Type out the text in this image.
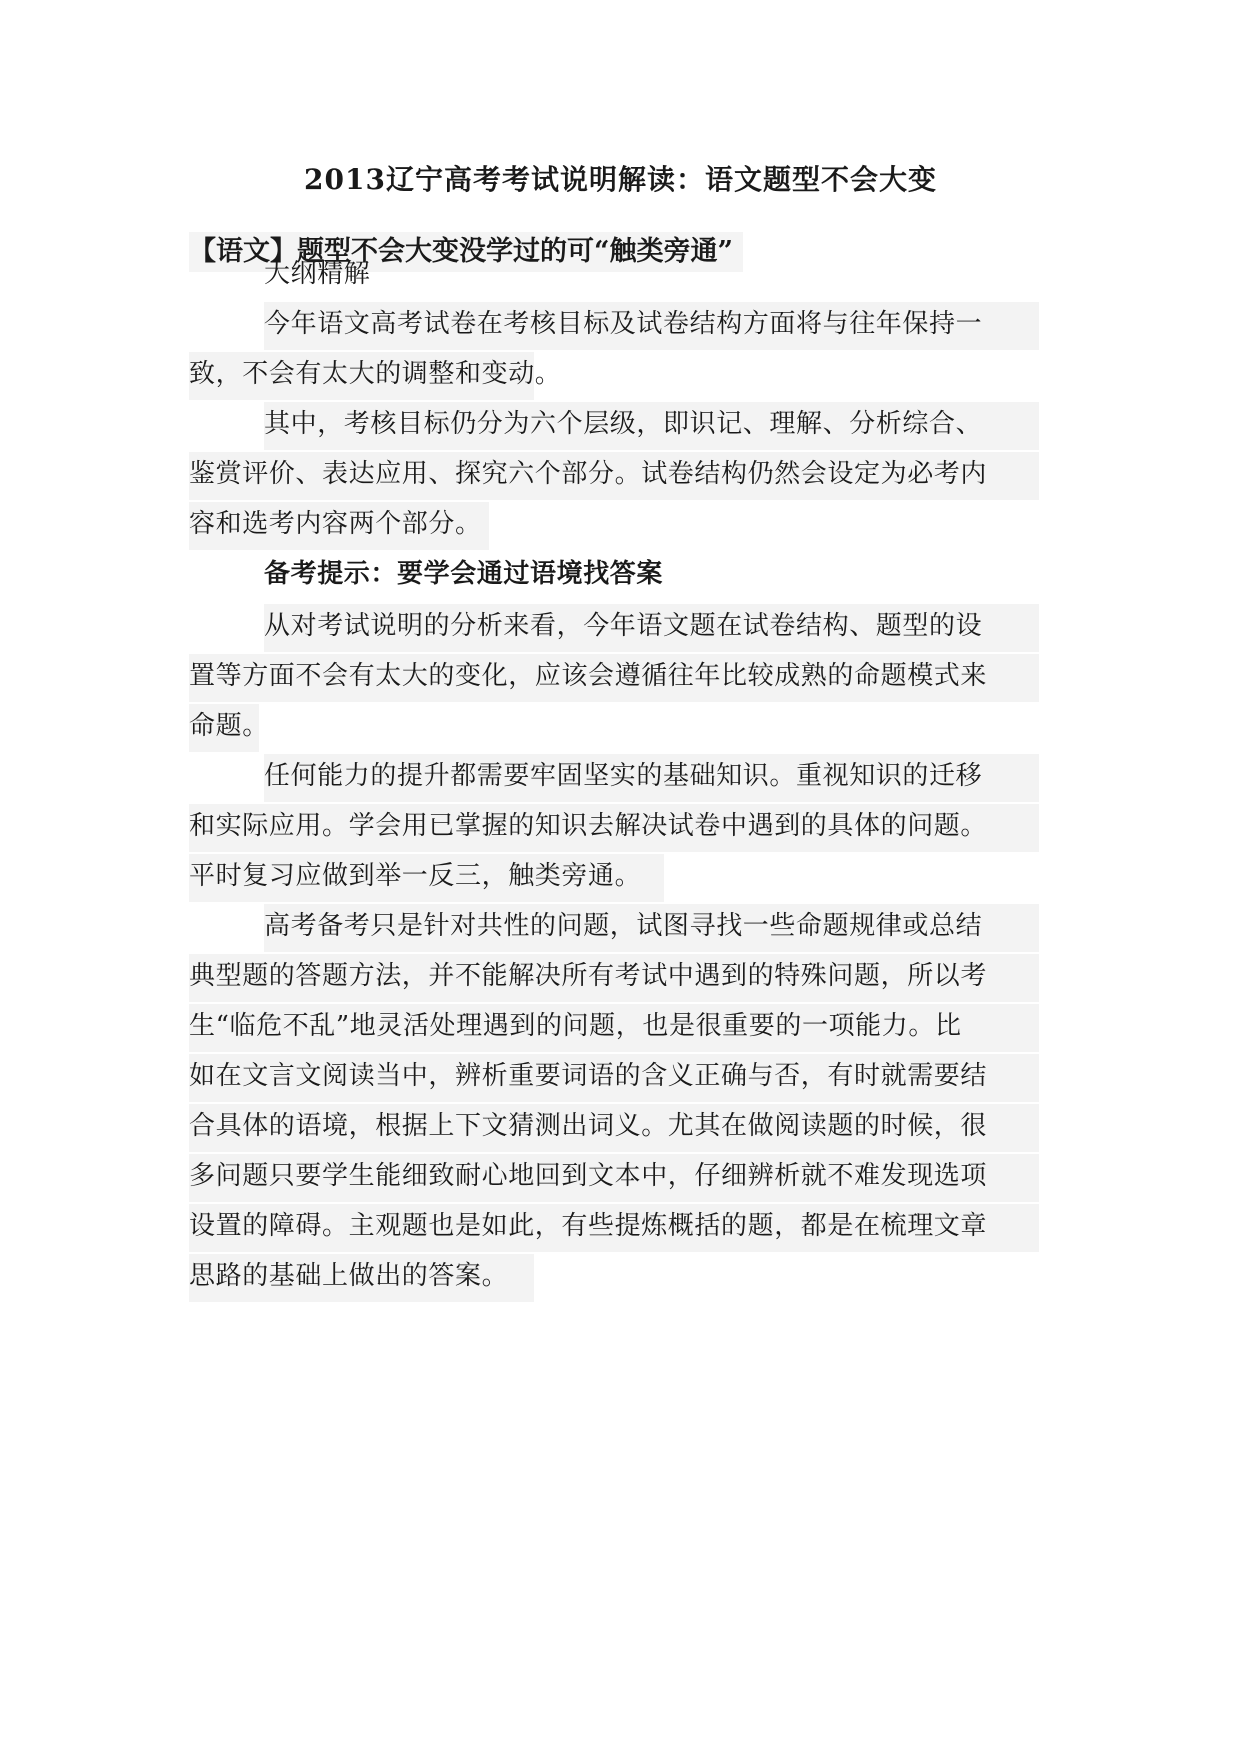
2013辽宁高考考试说明解读：语文题型不会大变
【语文】题型不会大变没学过的可“触类旁通”
大纲精解
今年语文高考试卷在考核目标及试卷结构方面将与往年保持一
致，不会有太大的调整和变动。
其中，考核目标仍分为六个层级，即识记、理解、分析综合、
鉴赏评价、表达应用、探究六个部分。试卷结构仍然会设定为必考内
容和选考内容两个部分。
备考提示：要学会通过语境找答案
从对考试说明的分析来看，今年语文题在试卷结构、题型的设
置等方面不会有太大的变化，应该会遵循往年比较成熟的命题模式来
命题。
任何能力的提升都需要牢固坚实的基础知识。重视知识的迁移
和实际应用。学会用已掌握的知识去解决试卷中遇到的具体的问题。
平时复习应做到举一反三，触类旁通。
高考备考只是针对共性的问题，试图寻找一些命题规律或总结
典型题的答题方法，并不能解决所有考试中遇到的特殊问题，所以考
生“临危不乱”地灵活处理遇到的问题，也是很重要的一项能力。比
如在文言文阅读当中，辨析重要词语的含义正确与否，有时就需要结
合具体的语境，根据上下文猜测出词义。尤其在做阅读题的时候，很
多问题只要学生能细致耐心地回到文本中，仔细辨析就不难发现选项
设置的障碍。主观题也是如此，有些提炼概括的题，都是在梳理文章
思路的基础上做出的答案。
